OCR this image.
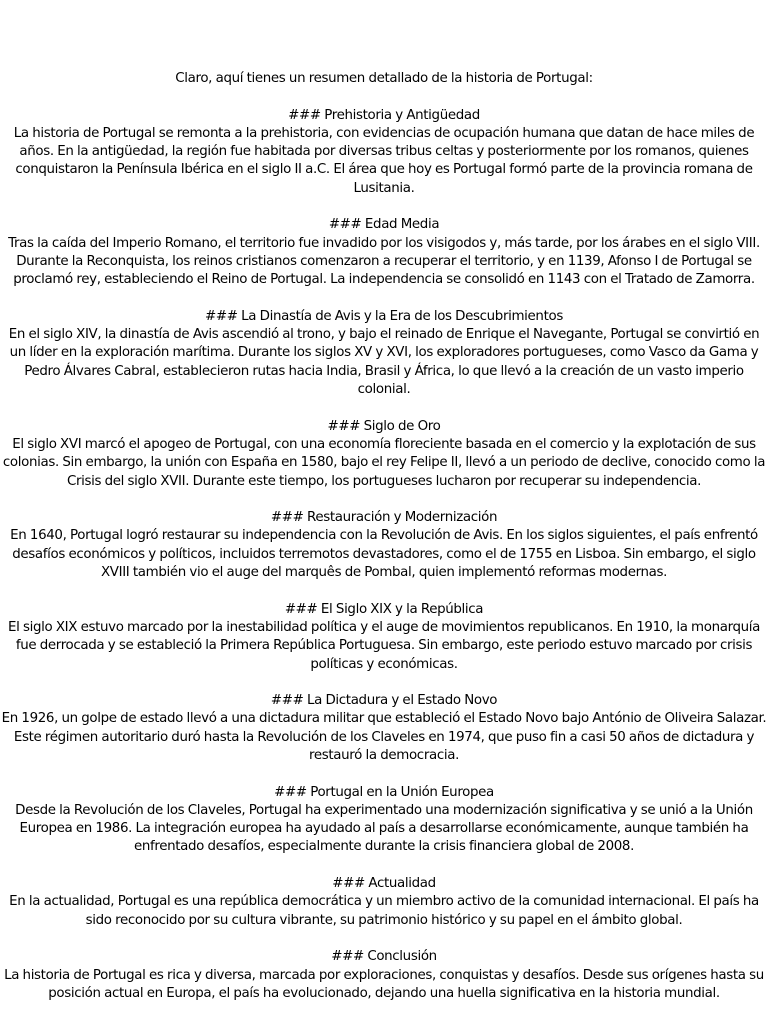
Claro, aquí tienes un resumen detallado de la historia de Portugal:

### Prehistoria y Antigüedad

La historia de Portugal se remonta a la prehistoria, con evidencias de ocupación humana que datan de hace miles de años. En la antigüedad, la región fue habitada por diversas tribus celtas y posteriormente por los romanos, quienes conquistaron la Península Ibérica en el siglo II a.C. El área que hoy es Portugal formó parte de la provincia romana de Lusitania.

### Edad Media

Tras la caída del Imperio Romano, el territorio fue invadido por los visigodos y, más tarde, por los árabes en el siglo VIII. Durante la Reconquista, los reinos cristianos comenzaron a recuperar el territorio, y en 1139, Afonso I de Portugal se proclamó rey, estableciendo el Reino de Portugal. La independencia se consolidó en 1143 con el Tratado de Zamorra.

### La Dinastía de Avis y la Era de los Descubrimientos

En el siglo XIV, la dinastía de Avis ascendió al trono, y bajo el reinado de Enrique el Navegante, Portugal se convirtió en un líder en la exploración marítima. Durante los siglos XV y XVI, los exploradores portugueses, como Vasco da Gama y Pedro Álvares Cabral, establecieron rutas hacia India, Brasil y África, lo que llevó a la creación de un vasto imperio colonial.

### Siglo de Oro

El siglo XVI marcó el apogeo de Portugal, con una economía floreciente basada en el comercio y la explotación de sus colonias. Sin embargo, la unión con España en 1580, bajo el rey Felipe II, llevó a un periodo de declive, conocido como la Crisis del siglo XVII. Durante este tiempo, los portugueses lucharon por recuperar su independencia.

### Restauración y Modernización

En 1640, Portugal logró restaurar su independencia con la Revolución de Avis. En los siglos siguientes, el país enfrentó desafíos económicos y políticos, incluidos terremotos devastadores, como el de 1755 en Lisboa. Sin embargo, el siglo XVIII también vio el auge del marquês de Pombal, quien implementó reformas modernas.

### El Siglo XIX y la República

El siglo XIX estuvo marcado por la inestabilidad política y el auge de movimientos republicanos. En 1910, la monarquía fue derrocada y se estableció la Primera República Portuguesa. Sin embargo, este periodo estuvo marcado por crisis políticas y económicas.

### La Dictadura y el Estado Novo

En 1926, un golpe de estado llevó a una dictadura militar que estableció el Estado Novo bajo António de Oliveira Salazar. Este régimen autoritario duró hasta la Revolución de los Claveles en 1974, que puso fin a casi 50 años de dictadura y restauró la democracia.

### Portugal en la Unión Europea

Desde la Revolución de los Claveles, Portugal ha experimentado una modernización significativa y se unió a la Unión Europea en 1986. La integración europea ha ayudado al país a desarrollarse económicamente, aunque también ha enfrentado desafíos, especialmente durante la crisis financiera global de 2008.

### Actualidad

En la actualidad, Portugal es una república democrática y un miembro activo de la comunidad internacional. El país ha sido reconocido por su cultura vibrante, su patrimonio histórico y su papel en el ámbito global.

### Conclusión

La historia de Portugal es rica y diversa, marcada por exploraciones, conquistas y desafíos. Desde sus orígenes hasta su posición actual en Europa, el país ha evolucionado, dejando una huella significativa en la historia mundial.
